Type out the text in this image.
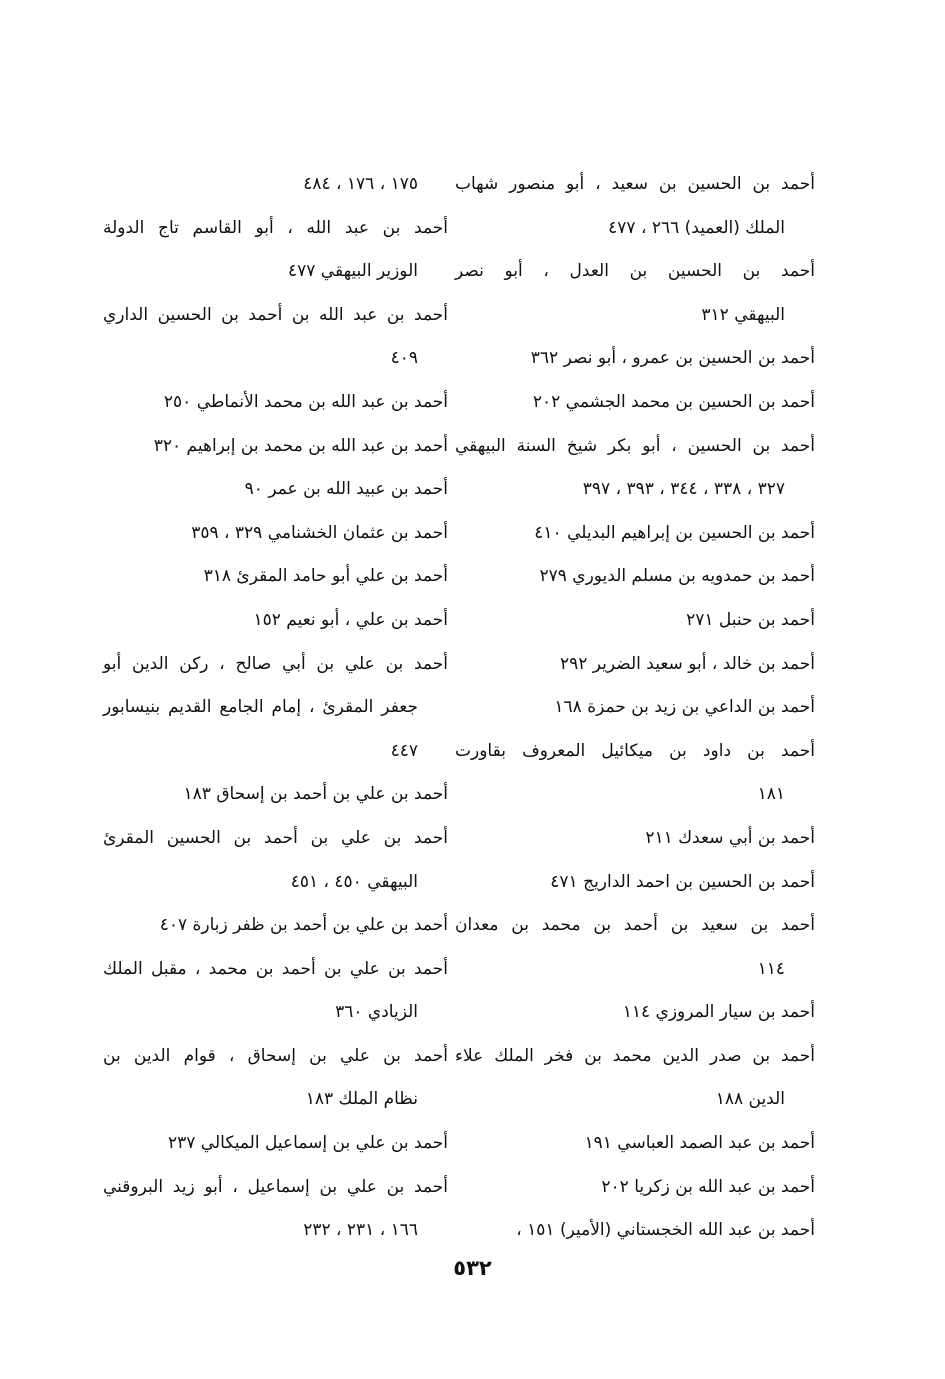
أحمد بن الحسين بن سعيد ، أبو منصور شهاب
الملك (العميد) ٢٦٦ ، ٤٧٧
أحمد بن الحسين بن العدل ، أبو نصر
البيهقي ٣١٢
أحمد بن الحسين بن عمرو ، أبو نصر ٣٦٢
أحمد بن الحسين بن محمد الجشمي ٢٠٢
أحمد بن الحسين ، أبو بكر شيخ السنة البيهقي
٣٢٧ ، ٣٣٨ ، ٣٤٤ ، ٣٩٣ ، ٣٩٧
أحمد بن الحسين بن إبراهيم البديلي ٤١٠
أحمد بن حمدويه بن مسلم الديوري ٢٧٩
أحمد بن حنبل ٢٧١
أحمد بن خالد ، أبو سعيد الضرير ٢٩٢
أحمد بن الداعي بن زيد بن حمزة ١٦٨
أحمد بن داود بن ميكائيل المعروف بقاورت
١٨١
أحمد بن أبي سعدك ٢١١
أحمد بن الحسين بن احمد الداريج ٤٧١
أحمد بن سعيد بن أحمد بن محمد بن معدان
١١٤
أحمد بن سيار المروزي ١١٤
أحمد بن صدر الدين محمد بن فخر الملك علاء
الدين ١٨٨
أحمد بن عبد الصمد العباسي ١٩١
أحمد بن عبد الله بن زكريا ٢٠٢
أحمد بن عبد الله الخجستاني (الأمير) ١٥١ ،
١٧٥ ، ١٧٦ ، ٤٨٤
أحمد بن عبد الله ، أبو القاسم تاج الدولة
الوزير البيهقي ٤٧٧
أحمد بن عبد الله بن أحمد بن الحسين الداري
٤٠٩
أحمد بن عبد الله بن محمد الأنماطي ٢٥٠
أحمد بن عبد الله بن محمد بن إبراهيم ٣٢٠
أحمد بن عبيد الله بن عمر ٩٠
أحمد بن عثمان الخشنامي ٣٢٩ ، ٣٥٩
أحمد بن علي أبو حامد المقرئ ٣١٨
أحمد بن علي ، أبو نعيم ١٥٢
أحمد بن علي بن أبي صالح ، ركن الدين أبو
جعفر المقرئ ، إمام الجامع القديم بنيسابور
٤٤٧
أحمد بن علي بن أحمد بن إسحاق ١٨٣
أحمد بن علي بن أحمد بن الحسين المقرئ
البيهقي ٤٥٠ ، ٤٥١
أحمد بن علي بن أحمد بن ظفر زبارة ٤٠٧
أحمد بن علي بن أحمد بن محمد ، مقبل الملك
الزيادي ٣٦٠
أحمد بن علي بن إسحاق ، قوام الدين بن
نظام الملك ١٨٣
أحمد بن علي بن إسماعيل الميكالي ٢٣٧
أحمد بن علي بن إسماعيل ، أبو زيد البروقني
١٦٦ ، ٢٣١ ، ٢٣٢
٥٣٢
